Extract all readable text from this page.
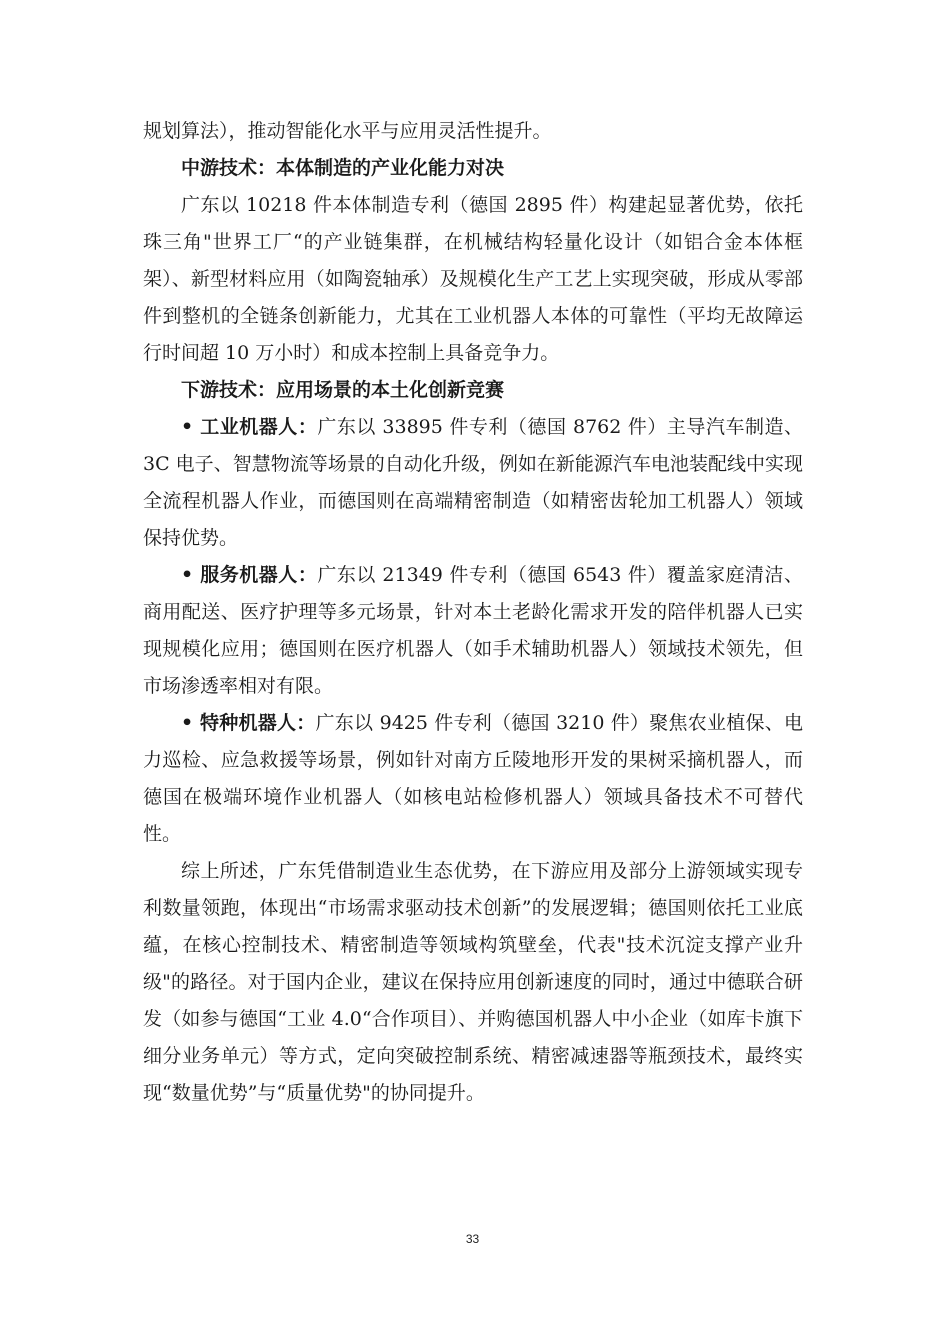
规划算法），推动智能化水平与应用灵活性提升。

中游技术：本体制造的产业化能力对决

广东以 10218 件本体制造专利（德国 2895 件）构建起显著优势，依托珠三角"世界工厂“的产业链集群，在机械结构轻量化设计（如铝合金本体框架）、新型材料应用（如陶瓷轴承）及规模化生产工艺上实现突破，形成从零部件到整机的全链条创新能力，尤其在工业机器人本体的可靠性（平均无故障运行时间超 10 万小时）和成本控制上具备竞争力。

下游技术：应用场景的本土化创新竞赛

• 工业机器人：广东以 33895 件专利（德国 8762 件）主导汽车制造、3C 电子、智慧物流等场景的自动化升级，例如在新能源汽车电池装配线中实现全流程机器人作业，而德国则在高端精密制造（如精密齿轮加工机器人）领域保持优势。

• 服务机器人：广东以 21349 件专利（德国 6543 件）覆盖家庭清洁、商用配送、医疗护理等多元场景，针对本土老龄化需求开发的陪伴机器人已实现规模化应用；德国则在医疗机器人（如手术辅助机器人）领域技术领先，但市场渗透率相对有限。

• 特种机器人：广东以 9425 件专利（德国 3210 件）聚焦农业植保、电力巡检、应急救援等场景，例如针对南方丘陵地形开发的果树采摘机器人，而德国在极端环境作业机器人（如核电站检修机器人）领域具备技术不可替代性。

综上所述，广东凭借制造业生态优势，在下游应用及部分上游领域实现专利数量领跑，体现出“市场需求驱动技术创新”的发展逻辑；德国则依托工业底蕴，在核心控制技术、精密制造等领域构筑壁垒，代表"技术沉淀支撑产业升级"的路径。对于国内企业，建议在保持应用创新速度的同时，通过中德联合研发（如参与德国“工业 4.0“合作项目）、并购德国机器人中小企业（如库卡旗下细分业务单元）等方式，定向突破控制系统、精密减速器等瓶颈技术，最终实现“数量优势”与“质量优势"的协同提升。

33
